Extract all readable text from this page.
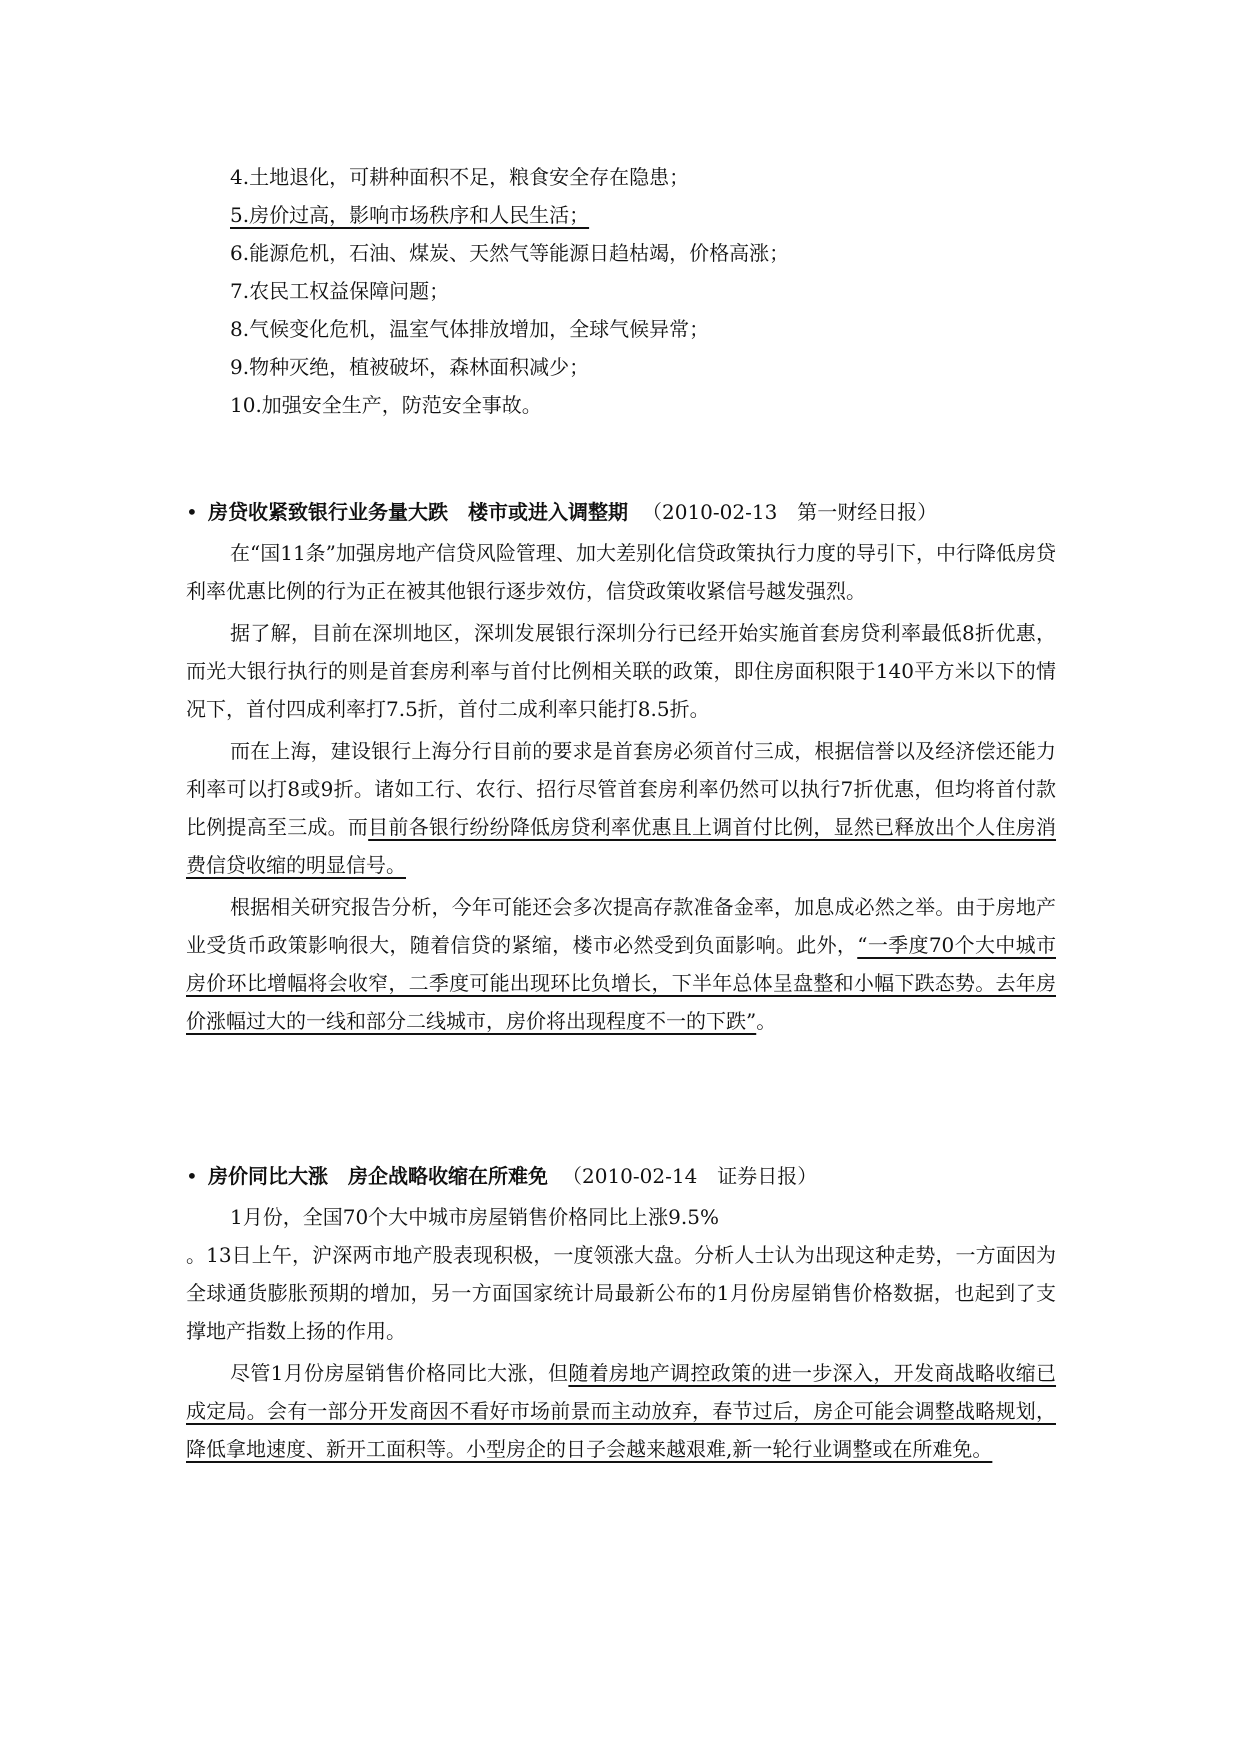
4.土地退化，可耕种面积不足，粮食安全存在隐患；
5.房价过高，影响市场秩序和人民生活；
6.能源危机，石油、煤炭、天然气等能源日趋枯竭，价格高涨；
7.农民工权益保障问题；
8.气候变化危机，温室气体排放增加，全球气候异常；
9.物种灭绝，植被破坏，森林面积减少；
10.加强安全生产，防范安全事故。
• 房贷收紧致银行业务量大跌　楼市或进入调整期 （2010-02-13　第一财经日报）

在“国11条”加强房地产信贷风险管理、加大差别化信贷政策执行力度的导引下，中行降低房贷利率优惠比例的行为正在被其他银行逐步效仿，信贷政策收紧信号越发强烈。

据了解，目前在深圳地区，深圳发展银行深圳分行已经开始实施首套房贷利率最低8折优惠，而光大银行执行的则是首套房利率与首付比例相关联的政策，即住房面积限于140平方米以下的情况下，首付四成利率打7.5折，首付二成利率只能打8.5折。

而在上海，建设银行上海分行目前的要求是首套房必须首付三成，根据信誉以及经济偿还能力利率可以打8或9折。诸如工行、农行、招行尽管首套房利率仍然可以执行7折优惠，但均将首付款比例提高至三成。而目前各银行纷纷降低房贷利率优惠且上调首付比例，显然已释放出个人住房消费信贷收缩的明显信号。

根据相关研究报告分析，今年可能还会多次提高存款准备金率，加息成必然之举。由于房地产业受货币政策影响很大，随着信贷的紧缩，楼市必然受到负面影响。此外，“一季度70个大中城市房价环比增幅将会收窄，二季度可能出现环比负增长，下半年总体呈盘整和小幅下跌态势。去年房价涨幅过大的一线和部分二线城市，房价将出现程度不一的下跌”。

• 房价同比大涨　房企战略收缩在所难免 （2010-02-14　证券日报）

1月份，全国70个大中城市房屋销售价格同比上涨9.5%

。13日上午，沪深两市地产股表现积极，一度领涨大盘。分析人士认为出现这种走势，一方面因为全球通货膨胀预期的增加，另一方面国家统计局最新公布的1月份房屋销售价格数据，也起到了支撑地产指数上扬的作用。

尽管1月份房屋销售价格同比大涨，但随着房地产调控政策的进一步深入，开发商战略收缩已成定局。会有一部分开发商因不看好市场前景而主动放弃，春节过后，房企可能会调整战略规划，降低拿地速度、新开工面积等。小型房企的日子会越来越艰难,新一轮行业调整或在所难免。
